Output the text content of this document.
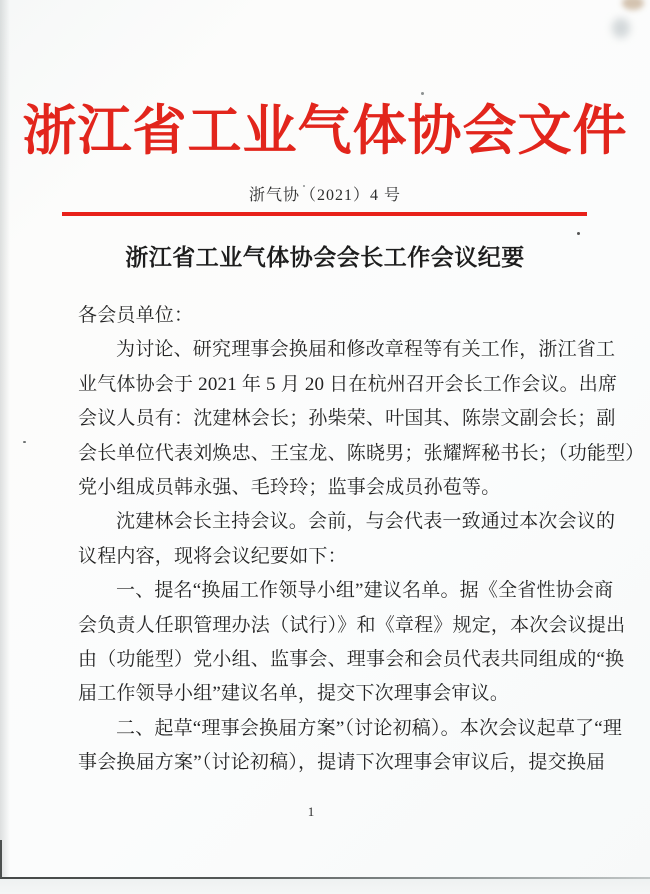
浙江省工业气体协会文件
浙气协（2021）4 号
浙江省工业气体协会会长工作会议纪要
各会员单位：
为讨论、研究理事会换届和修改章程等有关工作，浙江省工
业气体协会于 2021 年 5 月 20 日在杭州召开会长工作会议。出席
会议人员有：沈建林会长；孙柴荣、叶国其、陈崇文副会长；副
会长单位代表刘焕忠、王宝龙、陈晓男；张耀辉秘书长；（功能型）
党小组成员韩永强、毛玲玲；监事会成员孙苞等。
沈建林会长主持会议。会前，与会代表一致通过本次会议的
议程内容，现将会议纪要如下：
一、提名“换届工作领导小组”建议名单。据《全省性协会商
会负责人任职管理办法（试行）》和《章程》规定，本次会议提出
由（功能型）党小组、监事会、理事会和会员代表共同组成的“换
届工作领导小组”建议名单，提交下次理事会审议。
二、起草“理事会换届方案”（讨论初稿）。本次会议起草了“理
事会换届方案”（讨论初稿），提请下次理事会审议后，提交换届
1
